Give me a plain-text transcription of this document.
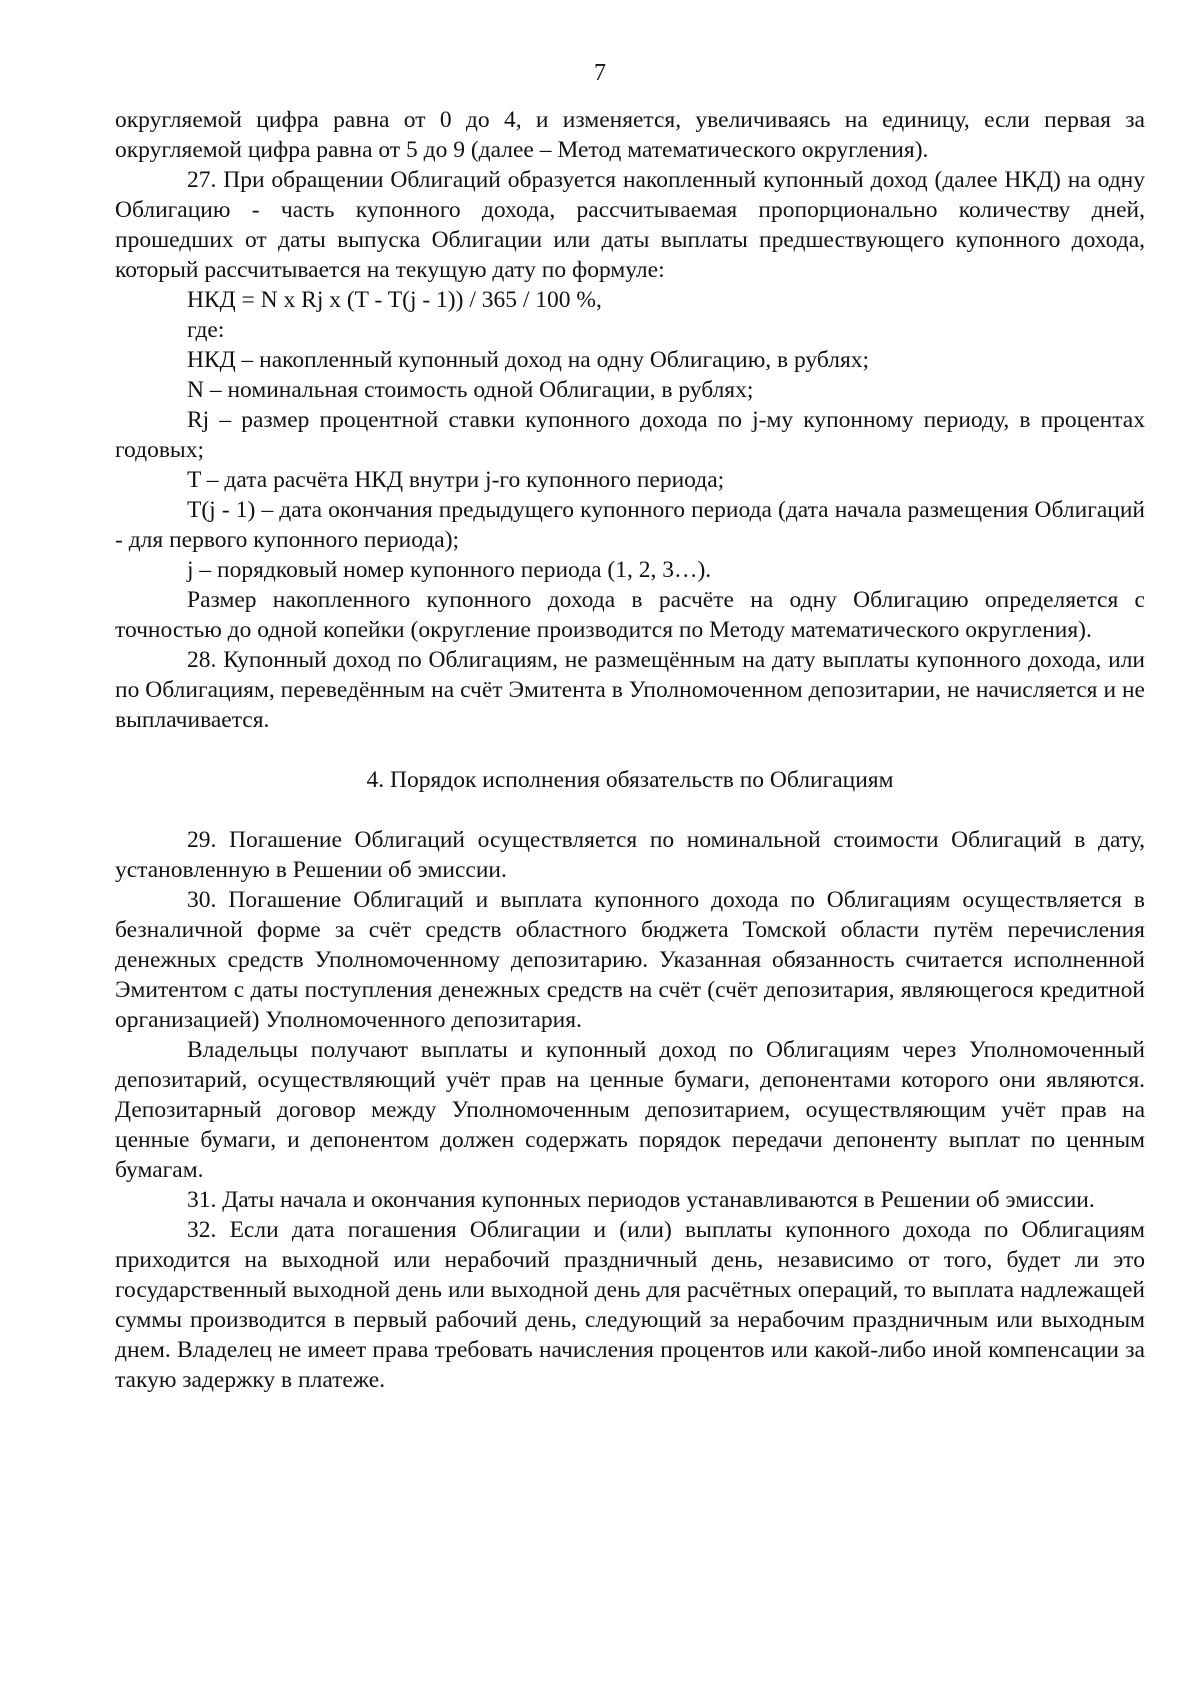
7

округляемой цифра равна от 0 до 4, и изменяется, увеличиваясь на единицу, если первая за округляемой цифра равна от 5 до 9 (далее – Метод математического округления).

27. При обращении Облигаций образуется накопленный купонный доход (далее НКД) на одну Облигацию - часть купонного дохода, рассчитываемая пропорционально количеству дней, прошедших от даты выпуска Облигации или даты выплаты предшествующего купонного дохода, который рассчитывается на текущую дату по формуле:

НКД = N x Rj x (T - T(j - 1)) / 365 / 100 %,

где:

НКД – накопленный купонный доход на одну Облигацию, в рублях;

N – номинальная стоимость одной Облигации, в рублях;

Rj – размер процентной ставки купонного дохода по j-му купонному периоду, в процентах годовых;

T – дата расчёта НКД внутри j-го купонного периода;

T(j - 1) – дата окончания предыдущего купонного периода (дата начала размещения Облигаций - для первого купонного периода);

j – порядковый номер купонного периода (1, 2, 3…).

Размер накопленного купонного дохода в расчёте на одну Облигацию определяется с точностью до одной копейки (округление производится по Методу математического округления).

28. Купонный доход по Облигациям, не размещённым на дату выплаты купонного дохода, или по Облигациям, переведённым на счёт Эмитента в Уполномоченном депозитарии, не начисляется и не выплачивается.

4. Порядок исполнения обязательств по Облигациям

29. Погашение Облигаций осуществляется по номинальной стоимости Облигаций в дату, установленную в Решении об эмиссии.

30. Погашение Облигаций и выплата купонного дохода по Облигациям осуществляется в безналичной форме за счёт средств областного бюджета Томской области путём перечисления денежных средств Уполномоченному депозитарию. Указанная обязанность считается исполненной Эмитентом с даты поступления денежных средств на счёт (счёт депозитария, являющегося кредитной организацией) Уполномоченного депозитария.

Владельцы получают выплаты и купонный доход по Облигациям через Уполномоченный депозитарий, осуществляющий учёт прав на ценные бумаги, депонентами которого они являются. Депозитарный договор между Уполномоченным депозитарием, осуществляющим учёт прав на ценные бумаги, и депонентом должен содержать порядок передачи депоненту выплат по ценным бумагам.

31. Даты начала и окончания купонных периодов устанавливаются в Решении об эмиссии.

32. Если дата погашения Облигации и (или) выплаты купонного дохода по Облигациям приходится на выходной или нерабочий праздничный день, независимо от того, будет ли это государственный выходной день или выходной день для расчётных операций, то выплата надлежащей суммы производится в первый рабочий день, следующий за нерабочим праздничным или выходным днем. Владелец не имеет права требовать начисления процентов или какой-либо иной компенсации за такую задержку в платеже.
